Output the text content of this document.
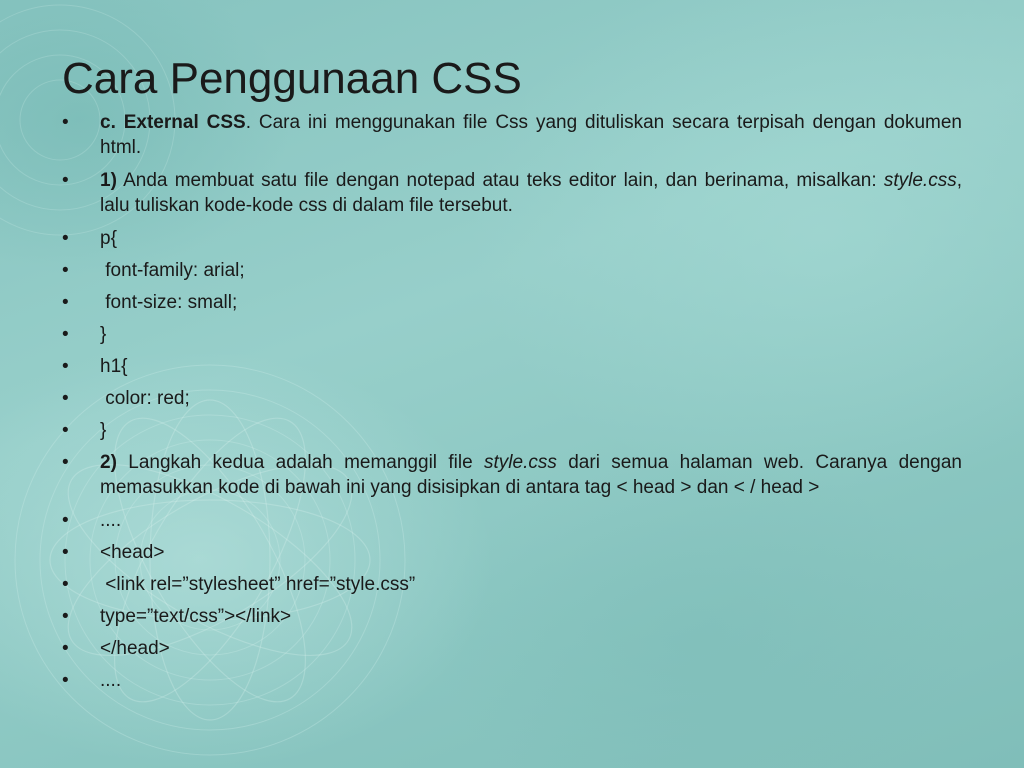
Cara Penggunaan CSS
•	c. External CSS. Cara ini menggunakan file Css yang dituliskan secara terpisah dengan dokumen html.
•	1) Anda membuat satu file dengan notepad atau teks editor lain, dan berinama, misalkan: style.css, lalu tuliskan kode-kode css di dalam file tersebut.
•	p{
•	font-family: arial;
•	font-size: small;
•	}
•	h1{
•	color: red;
•	}
•	2) Langkah kedua adalah memanggil file style.css dari semua halaman web. Caranya dengan memasukkan kode di bawah ini yang disisipkan di antara tag < head > dan < / head >
•	....
•	<head>
•	<link rel=”stylesheet” href=”style.css”
•	type=”text/css”></link>
•	</head>
•	....
